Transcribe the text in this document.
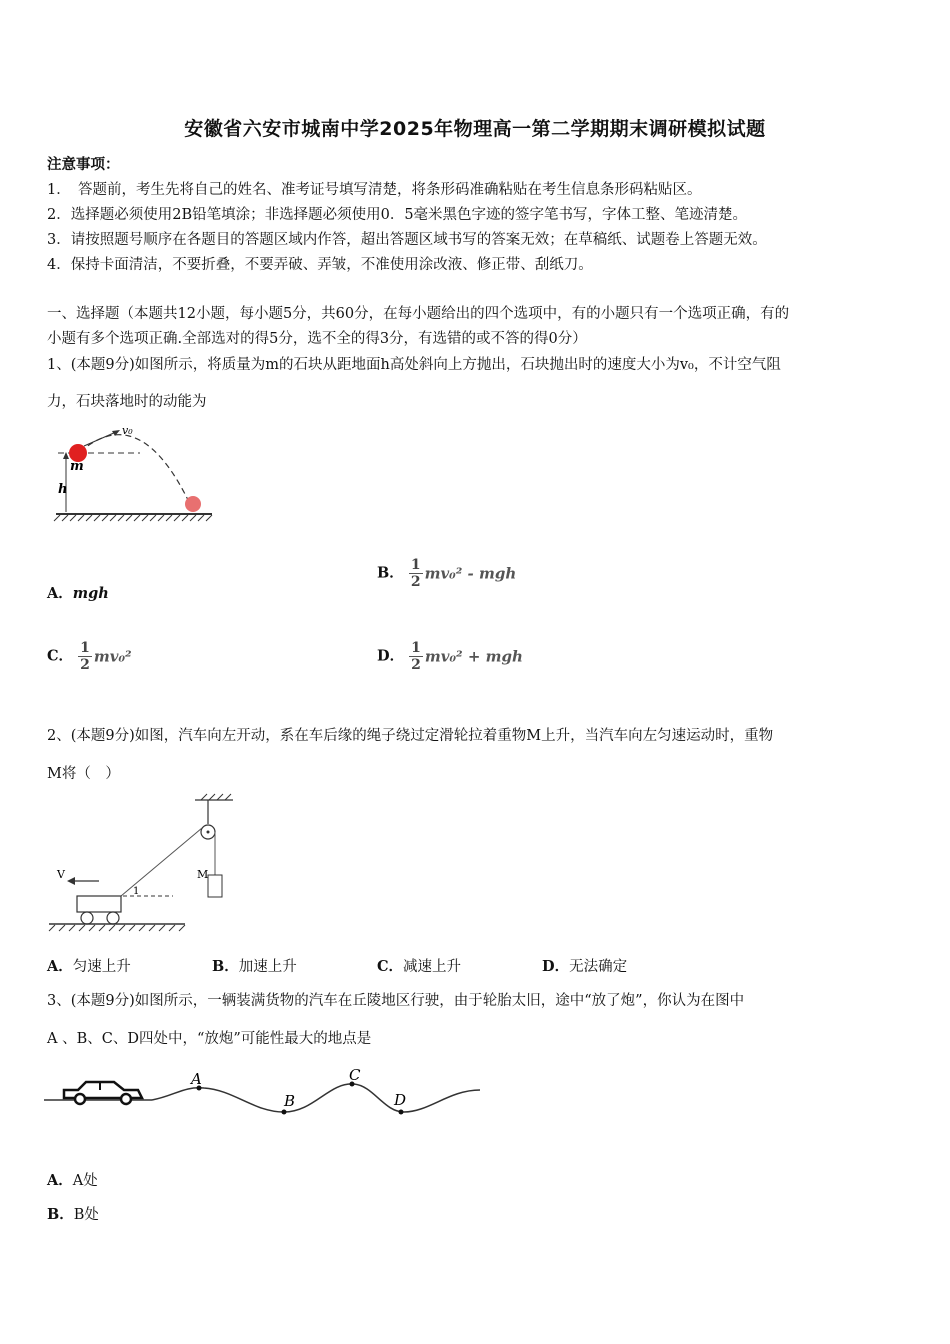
安徽省六安市城南中学2025年物理高一第二学期期末调研模拟试题
注意事项：
1．　答题前，考生先将自己的姓名、准考证号填写清楚，将条形码准确粘贴在考生信息条形码粘贴区。
2．选择题必须使用2B铅笔填涂；非选择题必须使用0．5毫米黑色字迹的签字笔书写，字体工整、笔迹清楚。
3．请按照题号顺序在各题目的答题区域内作答，超出答题区域书写的答案无效；在草稿纸、试题卷上答题无效。
4．保持卡面清洁，不要折叠，不要弄破、弄皱，不准使用涂改液、修正带、刮纸刀。
一、选择题（本题共12小题，每小题5分，共60分，在每小题给出的四个选项中，有的小题只有一个选项正确，有的
小题有多个选项正确.全部选对的得5分，选不全的得3分，有选错的或不答的得0分）
1、(本题9分)如图所示，将质量为m的石块从距地面h高处斜向上方抛出，石块抛出时的速度大小为v₀，不计空气阻
力，石块落地时的动能为
v₀
m
h
A．mgh
B． $\frac{1}{2} mv_0^2$ - mgh
C． $\frac{1}{2} mv_0^2$	D． $\frac{1}{2} mv_0^2$ + mgh
2、(本题9分)如图，汽车向左开动，系在车后缘的绳子绕过定滑轮拉着重物M上升，当汽车向左匀速运动时，重物
M将（　）
M
1
V
A．匀速上升	B．加速上升	C．减速上升	D．无法确定
3、(本题9分)如图所示，一辆装满货物的汽车在丘陵地区行驶，由于轮胎太旧，途中“放了炮”，你认为在图中
A 、B、C、D四处中，“放炮”可能性最大的地点是
A
B
C
D
A．A处
B．B处
